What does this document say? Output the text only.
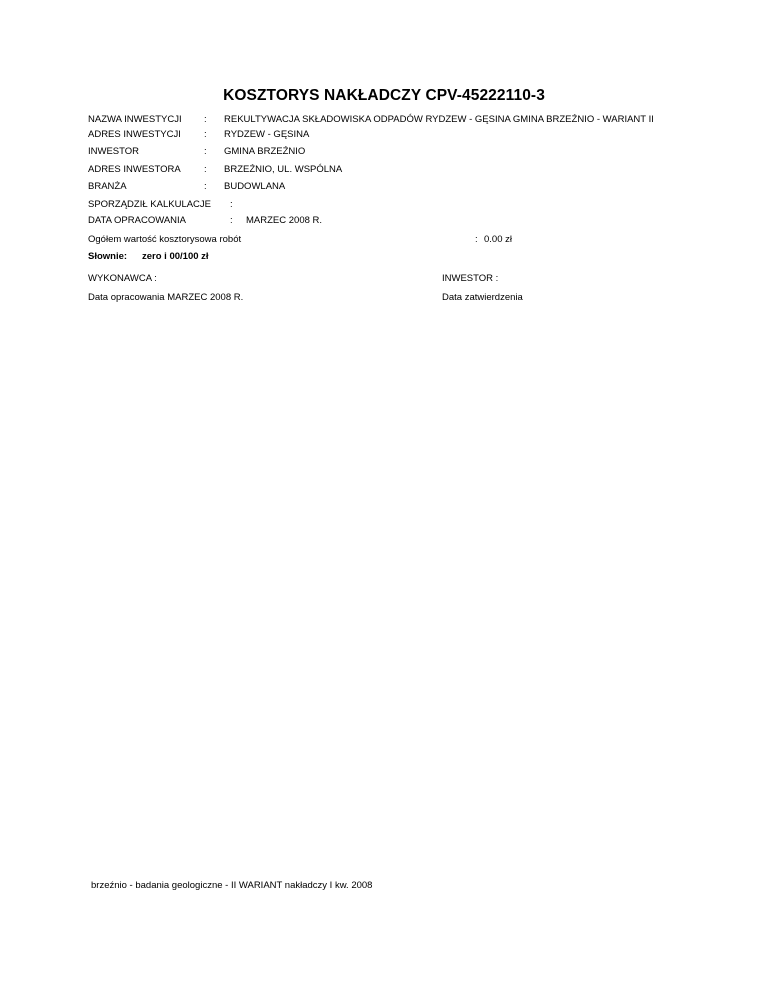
KOSZTORYS NAKŁADCZY CPV-45222110-3
NAZWA INWESTYCJI : REKULTYWACJA SKŁADOWISKA ODPADÓW RYDZEW - GĘSINA GMINA BRZEŹNIO - WARIANT II
ADRES INWESTYCJI : RYDZEW - GĘSINA
INWESTOR	: GMINA BRZEŹNIO
ADRES INWESTORA : BRZEŹNIO, UL. WSPÓLNA
BRANŻA	: BUDOWLANA
SPORZĄDZIŁ KALKULACJE :
DATA OPRACOWANIA	: MARZEC 2008 R.
Ogółem wartość kosztorysowa robót	: 0.00 zł
Słownie: zero i 00/100 zł
WYKONAWCA :
Data opracowania MARZEC 2008 R.
INWESTOR :
Data zatwierdzenia
brzeźnio - badania geologiczne - II WARIANT nakładczy I kw. 2008
